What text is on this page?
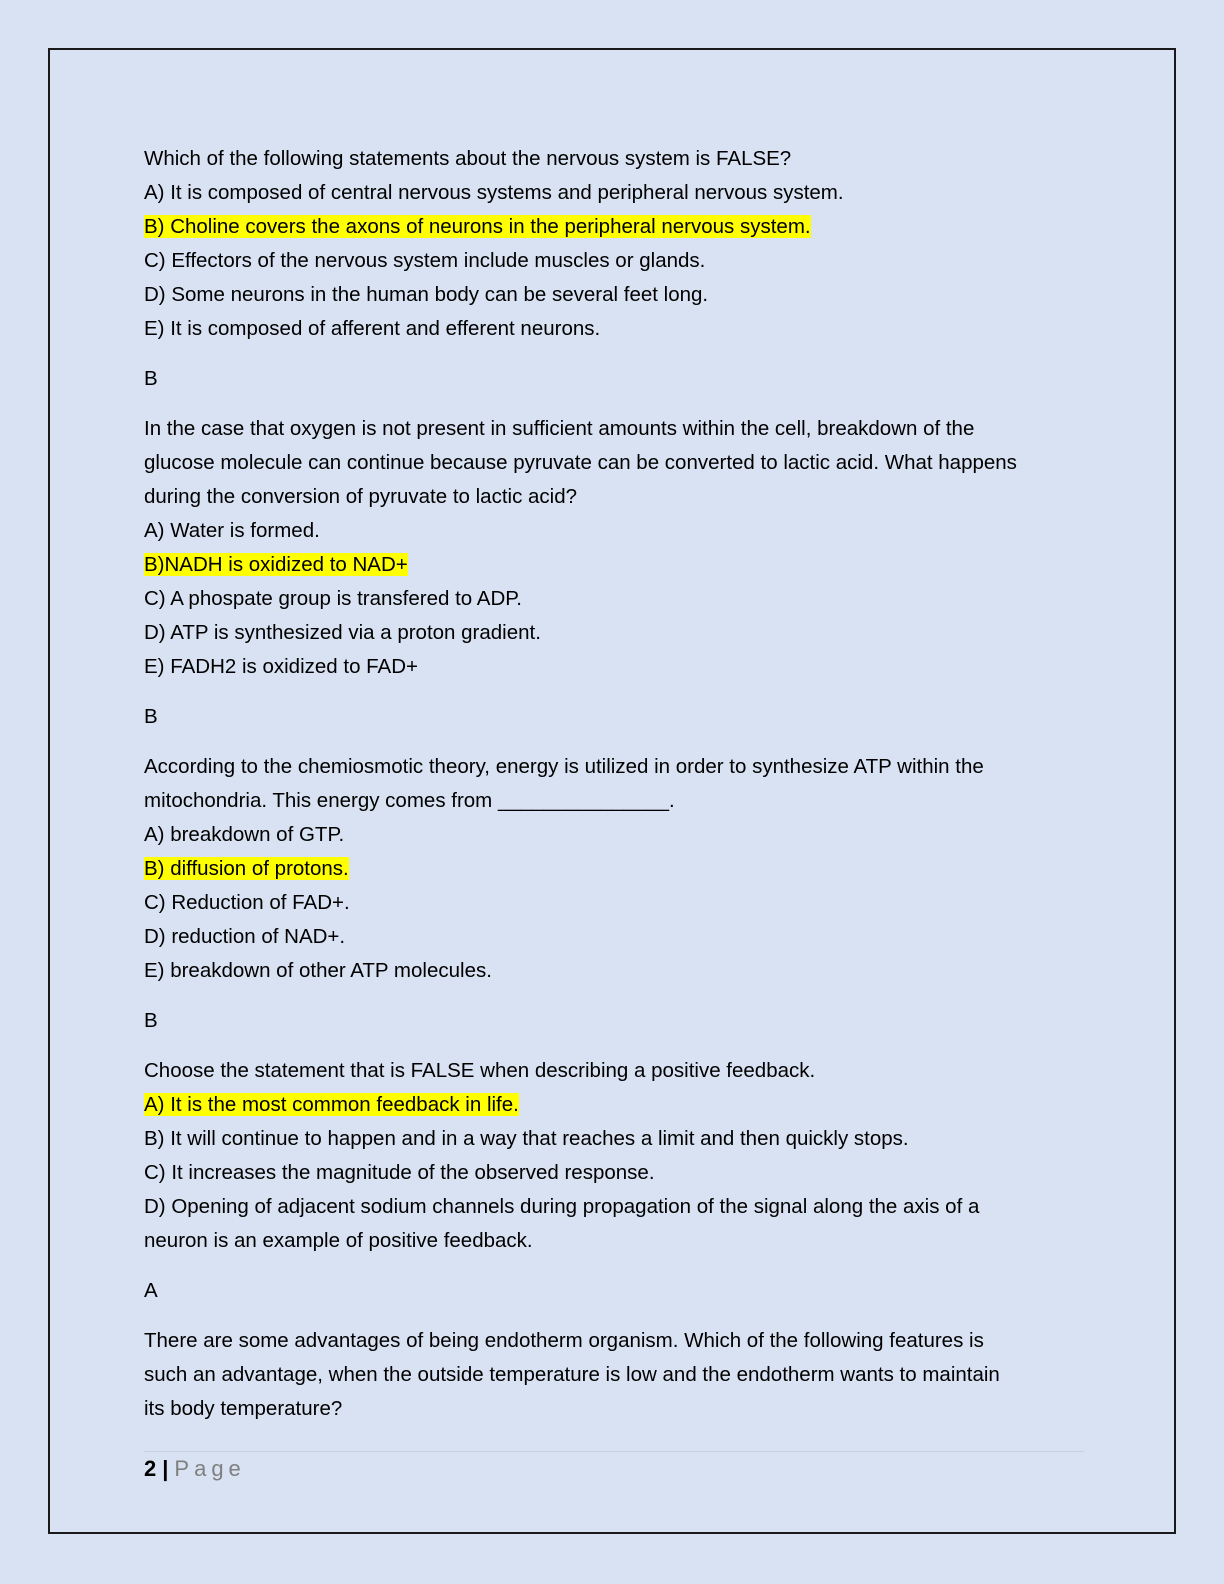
Which of the following statements about the nervous system is FALSE?
A) It is composed of central nervous systems and peripheral nervous system.
B) Choline covers the axons of neurons in the peripheral nervous system.
C) Effectors of the nervous system include muscles or glands.
D) Some neurons in the human body can be several feet long.
E) It is composed of afferent and efferent neurons.
B
In the case that oxygen is not present in sufficient amounts within the cell, breakdown of the
glucose molecule can continue because pyruvate can be converted to lactic acid. What happens
during the conversion of pyruvate to lactic acid?
A) Water is formed.
B)NADH is oxidized to NAD+
C) A phospate group is transfered to ADP.
D) ATP is synthesized via a proton gradient.
E) FADH2 is oxidized to FAD+
B
According to the chemiosmotic theory, energy is utilized in order to synthesize ATP within the
mitochondria. This energy comes from _______________.
A) breakdown of GTP.
B) diffusion of protons.
C) Reduction of FAD+.
D) reduction of NAD+.
E) breakdown of other ATP molecules.
B
Choose the statement that is FALSE when describing a positive feedback.
A) It is the most common feedback in life.
B) It will continue to happen and in a way that reaches a limit and then quickly stops.
C) It increases the magnitude of the observed response.
D) Opening of adjacent sodium channels during propagation of the signal along the axis of a
neuron is an example of positive feedback.
A
There are some advantages of being endotherm organism. Which of the following features is
such an advantage, when the outside temperature is low and the endotherm wants to maintain
its body temperature?
2 | Page
